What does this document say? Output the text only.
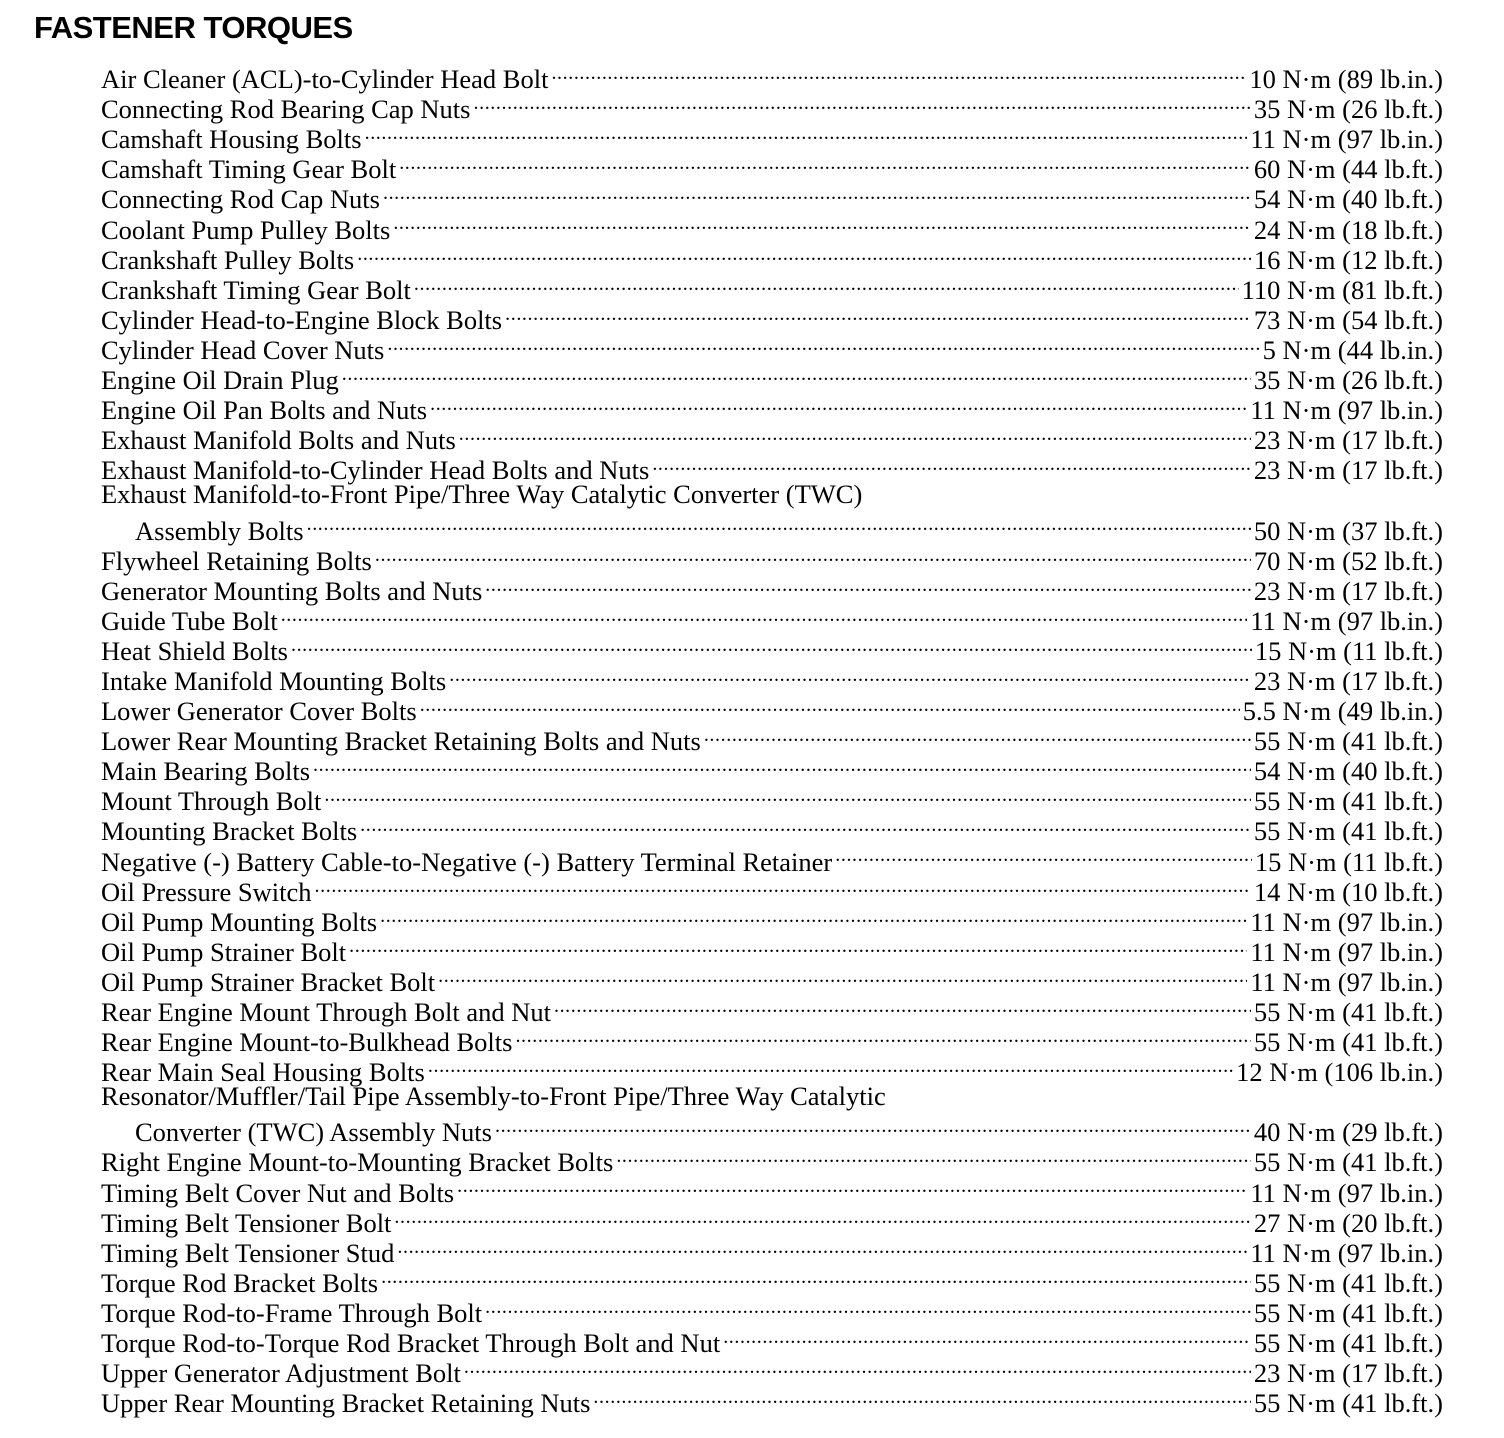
FASTENER TORQUES
Air Cleaner (ACL)-to-Cylinder Head Bolt .....	10 N·m (89 lb.in.)
Connecting Rod Bearing Cap Nuts .....	35 N·m (26 lb.ft.)
Camshaft Housing Bolts .....	11 N·m (97 lb.in.)
Camshaft Timing Gear Bolt .....	60 N·m (44 lb.ft.)
Connecting Rod Cap Nuts .....	54 N·m (40 lb.ft.)
Coolant Pump Pulley Bolts .....	24 N·m (18 lb.ft.)
Crankshaft Pulley Bolts .....	16 N·m (12 lb.ft.)
Crankshaft Timing Gear Bolt .....	110 N·m (81 lb.ft.)
Cylinder Head-to-Engine Block Bolts .....	73 N·m (54 lb.ft.)
Cylinder Head Cover Nuts .....	5 N·m (44 lb.in.)
Engine Oil Drain Plug .....	35 N·m (26 lb.ft.)
Engine Oil Pan Bolts and Nuts .....	11 N·m (97 lb.in.)
Exhaust Manifold Bolts and Nuts .....	23 N·m (17 lb.ft.)
Exhaust Manifold-to-Cylinder Head Bolts and Nuts .....	23 N·m (17 lb.ft.)
Exhaust Manifold-to-Front Pipe/Three Way Catalytic Converter (TWC)
Assembly Bolts .....	50 N·m (37 lb.ft.)
Flywheel Retaining Bolts .....	70 N·m (52 lb.ft.)
Generator Mounting Bolts and Nuts .....	23 N·m (17 lb.ft.)
Guide Tube Bolt .....	11 N·m (97 lb.in.)
Heat Shield Bolts .....	15 N·m (11 lb.ft.)
Intake Manifold Mounting Bolts .....	23 N·m (17 lb.ft.)
Lower Generator Cover Bolts .....	5.5 N·m (49 lb.in.)
Lower Rear Mounting Bracket Retaining Bolts and Nuts .....	55 N·m (41 lb.ft.)
Main Bearing Bolts .....	54 N·m (40 lb.ft.)
Mount Through Bolt .....	55 N·m (41 lb.ft.)
Mounting Bracket Bolts .....	55 N·m (41 lb.ft.)
Negative (-) Battery Cable-to-Negative (-) Battery Terminal Retainer .....	15 N·m (11 lb.ft.)
Oil Pressure Switch .....	14 N·m (10 lb.ft.)
Oil Pump Mounting Bolts .....	11 N·m (97 lb.in.)
Oil Pump Strainer Bolt .....	11 N·m (97 lb.in.)
Oil Pump Strainer Bracket Bolt .....	11 N·m (97 lb.in.)
Rear Engine Mount Through Bolt and Nut .....	55 N·m (41 lb.ft.)
Rear Engine Mount-to-Bulkhead Bolts .....	55 N·m (41 lb.ft.)
Rear Main Seal Housing Bolts .....	12 N·m (106 lb.in.)
Resonator/Muffler/Tail Pipe Assembly-to-Front Pipe/Three Way Catalytic
Converter (TWC) Assembly Nuts .....	40 N·m (29 lb.ft.)
Right Engine Mount-to-Mounting Bracket Bolts .....	55 N·m (41 lb.ft.)
Timing Belt Cover Nut and Bolts .....	11 N·m (97 lb.in.)
Timing Belt Tensioner Bolt .....	27 N·m (20 lb.ft.)
Timing Belt Tensioner Stud .....	11 N·m (97 lb.in.)
Torque Rod Bracket Bolts .....	55 N·m (41 lb.ft.)
Torque Rod-to-Frame Through Bolt .....	55 N·m (41 lb.ft.)
Torque Rod-to-Torque Rod Bracket Through Bolt and Nut .....	55 N·m (41 lb.ft.)
Upper Generator Adjustment Bolt .....	23 N·m (17 lb.ft.)
Upper Rear Mounting Bracket Retaining Nuts .....	55 N·m (41 lb.ft.)
